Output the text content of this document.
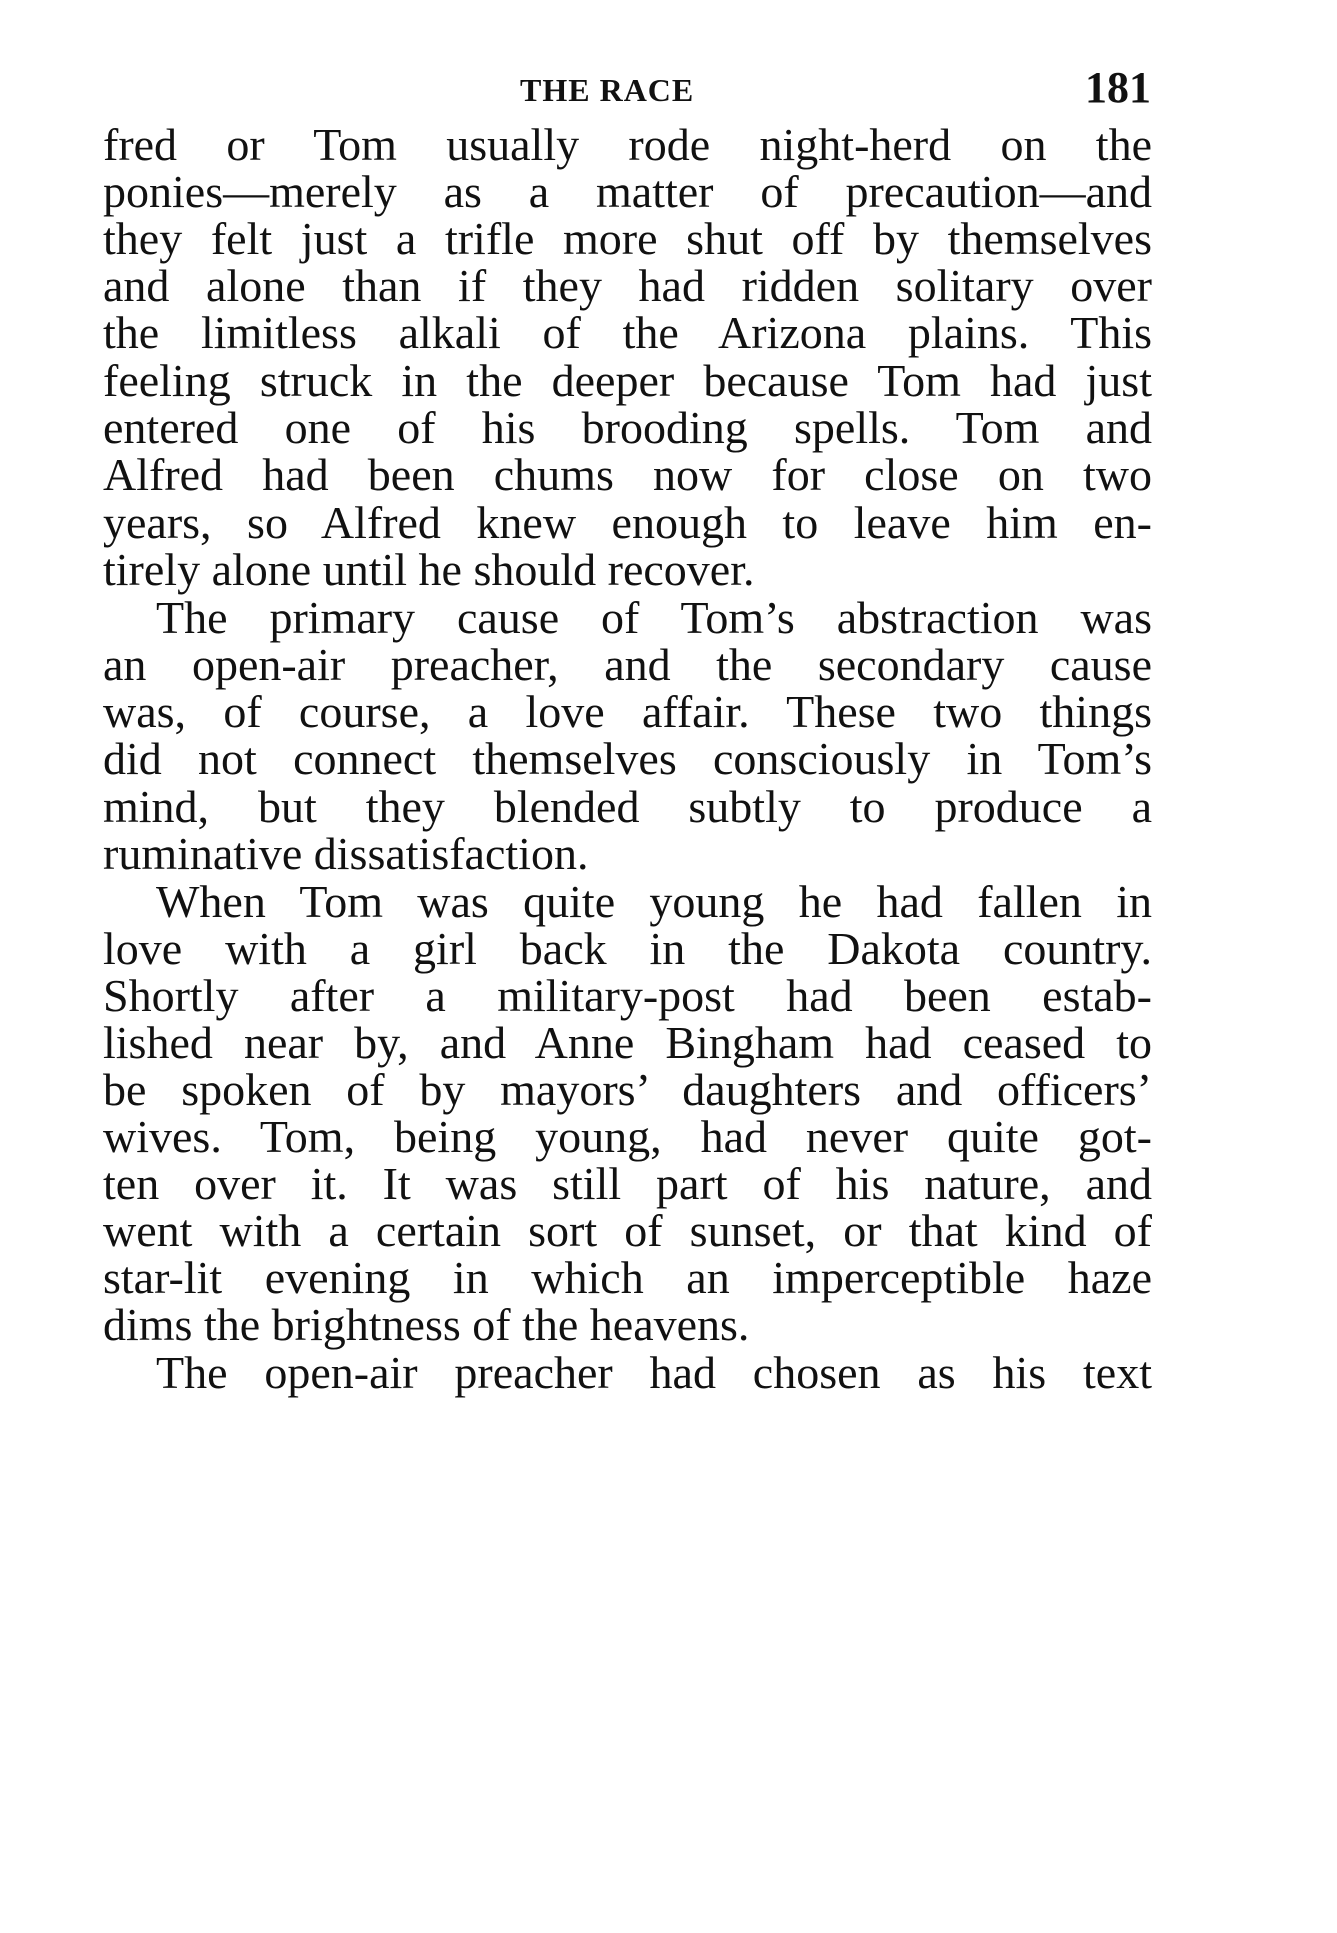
THE RACE	181
fred or Tom usually rode night-herd on the
ponies—merely as a matter of precaution—and
they felt just a trifle more shut off by themselves
and alone than if they had ridden solitary over
the limitless alkali of the Arizona plains. This
feeling struck in the deeper because Tom had just
entered one of his brooding spells. Tom and
Alfred had been chums now for close on two
years, so Alfred knew enough to leave him en-
tirely alone until he should recover.
The primary cause of Tom’s abstraction was
an open-air preacher, and the secondary cause
was, of course, a love affair. These two things
did not connect themselves consciously in Tom’s
mind, but they blended subtly to produce a
ruminative dissatisfaction.
When Tom was quite young he had fallen in
love with a girl back in the Dakota country.
Shortly after a military-post had been estab-
lished near by, and Anne Bingham had ceased to
be spoken of by mayors’ daughters and officers’
wives. Tom, being young, had never quite got-
ten over it. It was still part of his nature, and
went with a certain sort of sunset, or that kind of
star-lit evening in which an imperceptible haze
dims the brightness of the heavens.
The open-air preacher had chosen as his text
